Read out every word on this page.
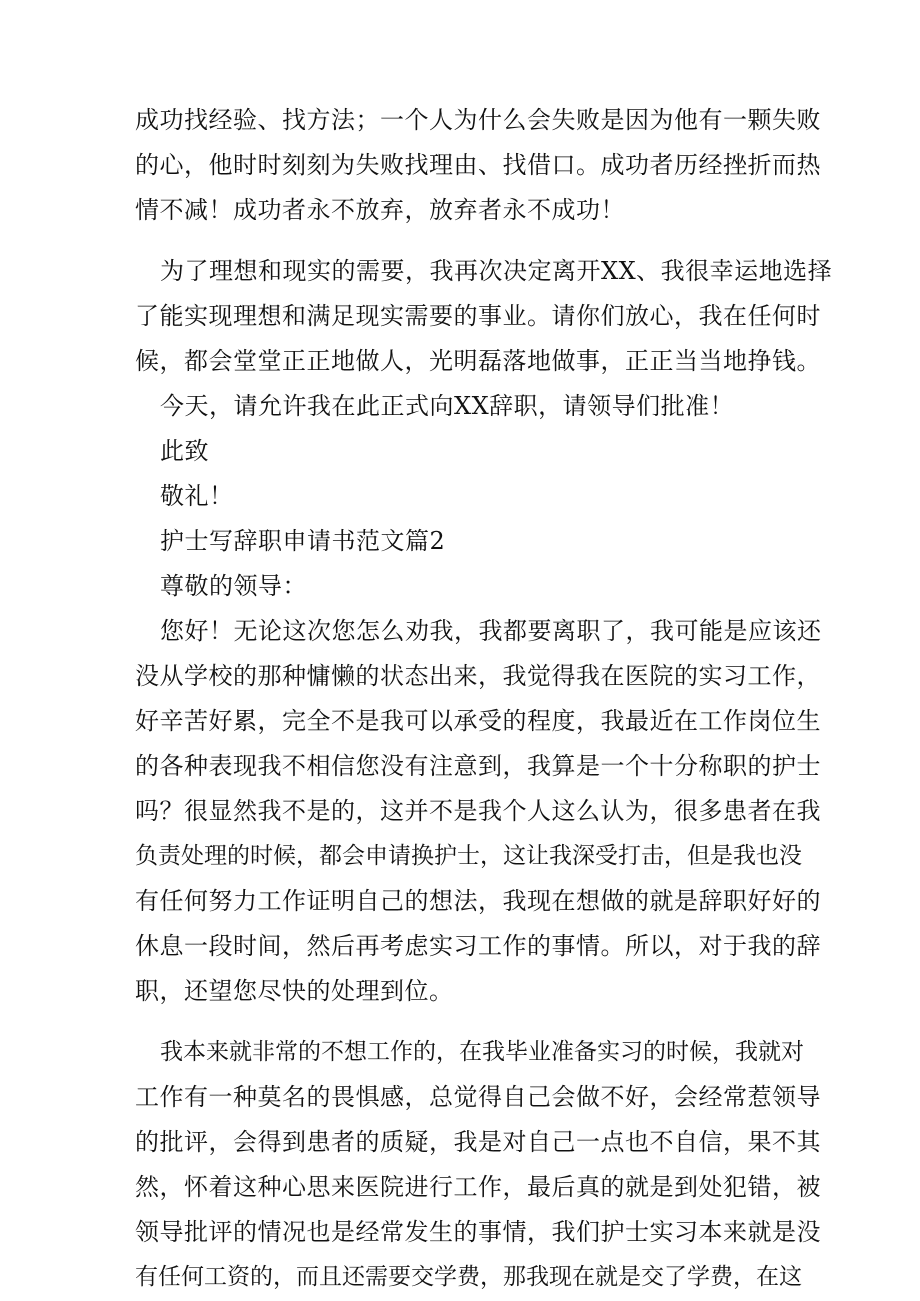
成功找经验、找方法；一个人为什么会失败是因为他有一颗失败
的心，他时时刻刻为失败找理由、找借口。成功者历经挫折而热
情不减！成功者永不放弃，放弃者永不成功！
为了理想和现实的需要，我再次决定离开XX、我很幸运地选择
了能实现理想和满足现实需要的事业。请你们放心，我在任何时
候，都会堂堂正正地做人，光明磊落地做事，正正当当地挣钱。
今天，请允许我在此正式向XX辞职，请领导们批准！
此致
敬礼！
护士写辞职申请书范文篇2
尊敬的领导：
您好！无论这次您怎么劝我，我都要离职了，我可能是应该还
没从学校的那种慵懒的状态出来，我觉得我在医院的实习工作，
好辛苦好累，完全不是我可以承受的程度，我最近在工作岗位生
的各种表现我不相信您没有注意到，我算是一个十分称职的护士
吗？很显然我不是的，这并不是我个人这么认为，很多患者在我
负责处理的时候，都会申请换护士，这让我深受打击，但是我也没
有任何努力工作证明自己的想法，我现在想做的就是辞职好好的
休息一段时间，然后再考虑实习工作的事情。所以，对于我的辞
职，还望您尽快的处理到位。
我本来就非常的不想工作的，在我毕业准备实习的时候，我就对
工作有一种莫名的畏惧感，总觉得自己会做不好，会经常惹领导
的批评，会得到患者的质疑，我是对自己一点也不自信，果不其
然，怀着这种心思来医院进行工作，最后真的就是到处犯错，被
领导批评的情况也是经常发生的事情，我们护士实习本来就是没
有任何工资的，而且还需要交学费，那我现在就是交了学费，在这
